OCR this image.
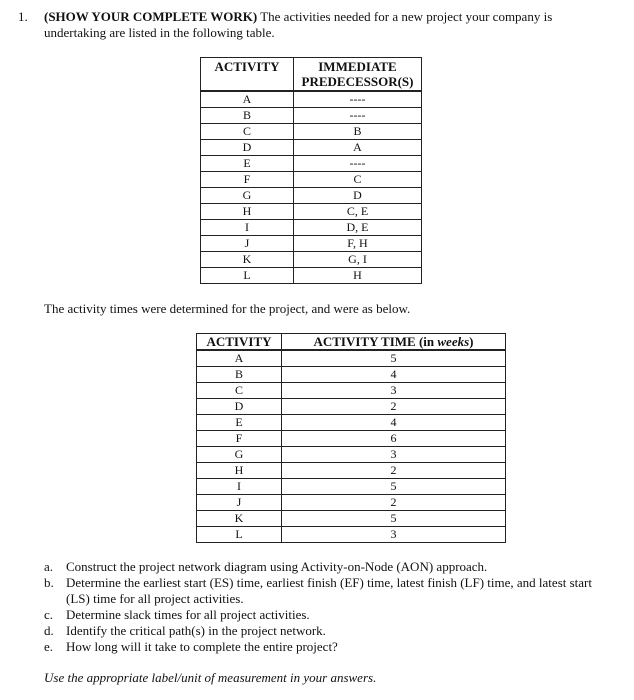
1. (SHOW YOUR COMPLETE WORK) The activities needed for a new project your company is undertaking are listed in the following table.
ACTIVITY	IMMEDIATE
PREDECESSOR(S)
A	----
B	----
C	B
D	A
E	----
F	C
G	D
H	C, E
I	D, E
J	F, H
K	G, I
L	H
The activity times were determined for the project, and were as below.
ACTIVITY	ACTIVITY TIME (in weeks)
A	5
B	4
C	3
D	2
E	4
F	6
G	3
H	2
I	5
J	2
K	5
L	3
a. Construct the project network diagram using Activity-on-Node (AON) approach.
b. Determine the earliest start (ES) time, earliest finish (EF) time, latest finish (LF) time, and latest start (LS) time for all project activities.
c. Determine slack times for all project activities.
d. Identify the critical path(s) in the project network.
e. How long will it take to complete the entire project?
Use the appropriate label/unit of measurement in your answers.
